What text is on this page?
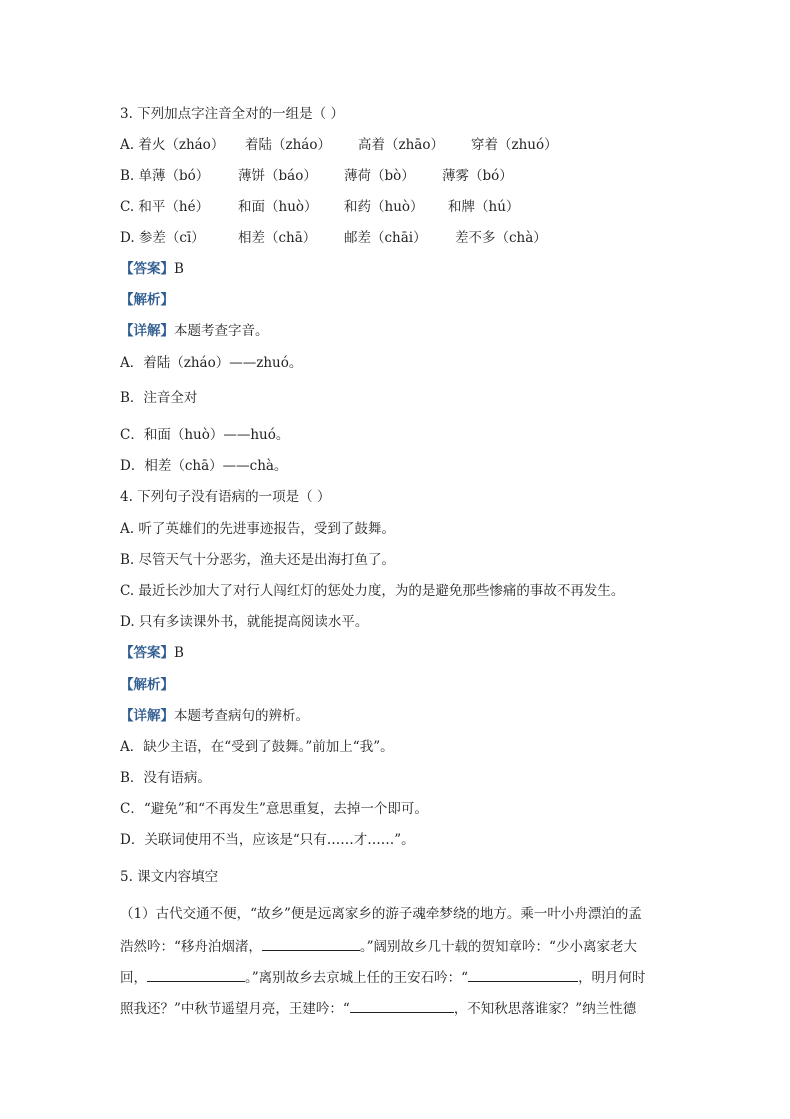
3. 下列加点字注音全对的一组是（ ）
A. 着火（zháo） 着陆（zháo） 高着（zhāo） 穿着（zhuó）
B. 单薄（bó） 薄饼（báo） 薄荷（bò） 薄雾（bó）
C. 和平（hé） 和面（huò） 和药（huò） 和牌（hú）
D. 参差（cī） 相差（chā） 邮差（chāi） 差不多（chà）
【答案】B
【解析】
【详解】本题考查字音。
A．着陆（zháo）——zhuó。
B．注音全对
C．和面（huò）——huó。
D．相差（chā）——chà。
4. 下列句子没有语病的一项是（ ）
A. 听了英雄们的先进事迹报告，受到了鼓舞。
B. 尽管天气十分恶劣，渔夫还是出海打鱼了。
C. 最近长沙加大了对行人闯红灯的惩处力度，为的是避免那些惨痛的事故不再发生。
D. 只有多读课外书，就能提高阅读水平。
【答案】B
【解析】
【详解】本题考查病句的辨析。
A．缺少主语，在“受到了鼓舞。”前加上“我”。
B．没有语病。
C．“避免”和“不再发生”意思重复，去掉一个即可。
D．关联词使用不当，应该是“只有……才……”。
5. 课文内容填空
（1）古代交通不便，“故乡”便是远离家乡的游子魂牵梦绕的地方。乘一叶小舟漂泊的孟
浩然吟：“移舟泊烟渚，	。”阔别故乡几十载的贺知章吟：“少小离家老大
回，	。”离别故乡去京城上任的王安石吟：“	，明月何时
照我还？”中秋节遥望月亮，王建吟：“	，不知秋思落谁家？”纳兰性德
